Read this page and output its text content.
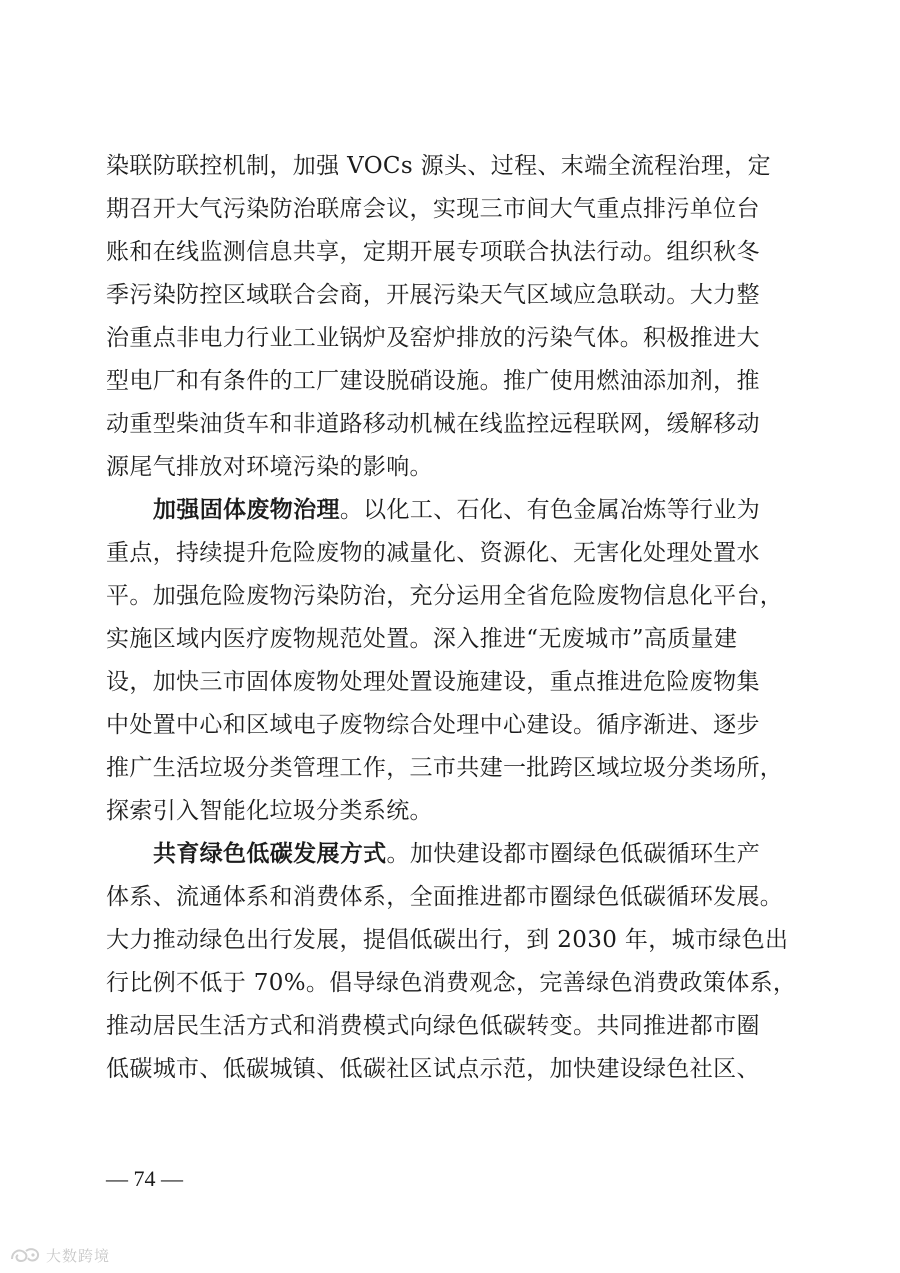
染联防联控机制，加强 VOCs 源头、过程、末端全流程治理，定
期召开大气污染防治联席会议，实现三市间大气重点排污单位台
账和在线监测信息共享，定期开展专项联合执法行动。组织秋冬
季污染防控区域联合会商，开展污染天气区域应急联动。大力整
治重点非电力行业工业锅炉及窑炉排放的污染气体。积极推进大
型电厂和有条件的工厂建设脱硝设施。推广使用燃油添加剂，推
动重型柴油货车和非道路移动机械在线监控远程联网，缓解移动
源尾气排放对环境污染的影响。
加强固体废物治理。以化工、石化、有色金属冶炼等行业为
重点，持续提升危险废物的减量化、资源化、无害化处理处置水
平。加强危险废物污染防治，充分运用全省危险废物信息化平台，
实施区域内医疗废物规范处置。深入推进“无废城市”高质量建
设，加快三市固体废物处理处置设施建设，重点推进危险废物集
中处置中心和区域电子废物综合处理中心建设。循序渐进、逐步
推广生活垃圾分类管理工作，三市共建一批跨区域垃圾分类场所，
探索引入智能化垃圾分类系统。
共育绿色低碳发展方式。加快建设都市圈绿色低碳循环生产
体系、流通体系和消费体系，全面推进都市圈绿色低碳循环发展。
大力推动绿色出行发展，提倡低碳出行，到 2030 年，城市绿色出
行比例不低于 70%。倡导绿色消费观念，完善绿色消费政策体系，
推动居民生活方式和消费模式向绿色低碳转变。共同推进都市圈
低碳城市、低碳城镇、低碳社区试点示范，加快建设绿色社区、
— 74 —
大数跨境
